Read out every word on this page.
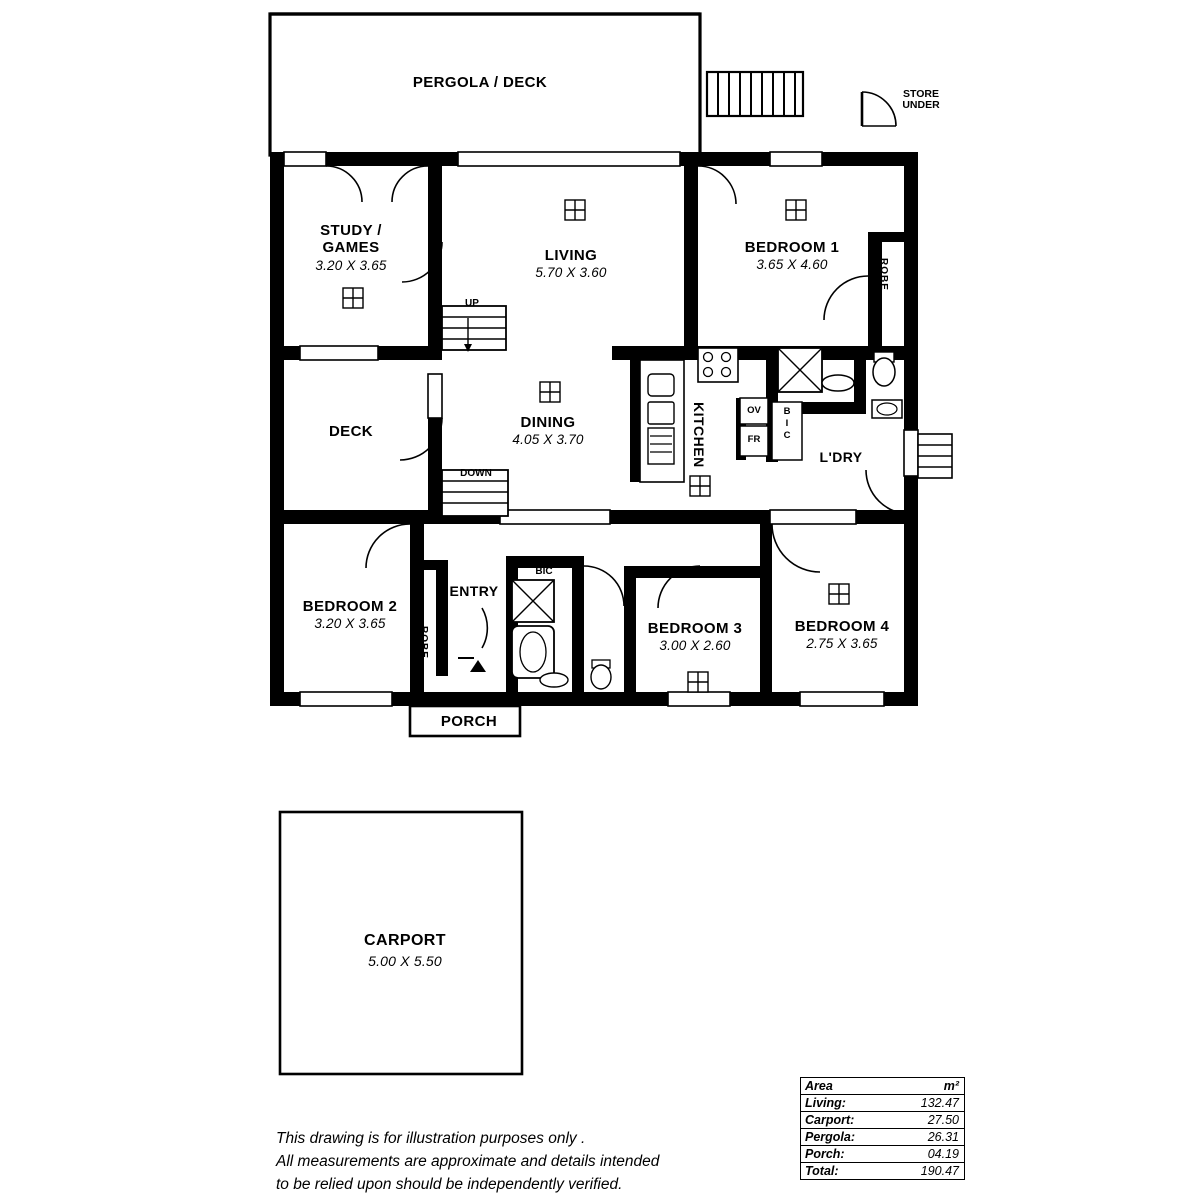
PERGOLA / DECK
STORE
UNDER
STUDY /
GAMES
3.20 X 3.65
LIVING
5.70 X 3.60
BEDROOM 1
3.65 X 4.60	ROBE
DECK
DINING
4.05 X 3.70	KITCHEN	L'DRY
OV
FR
B
I
C
UP
DOWN
BEDROOM 2
3.20 X 3.65
ROBE
ENTRY
BIC
BEDROOM 3
3.00 X 2.60
BEDROOM 4
2.75 X 3.65
PORCH
CARPORT
5.00 X 5.50
Area	m²
Living:	132.47
Carport:	27.50
Pergola:	26.31
Porch:	04.19
Total:	190.47
This drawing is for illustration purposes only .
All measurements are approximate and details intended
to be relied upon should be independently verified.
